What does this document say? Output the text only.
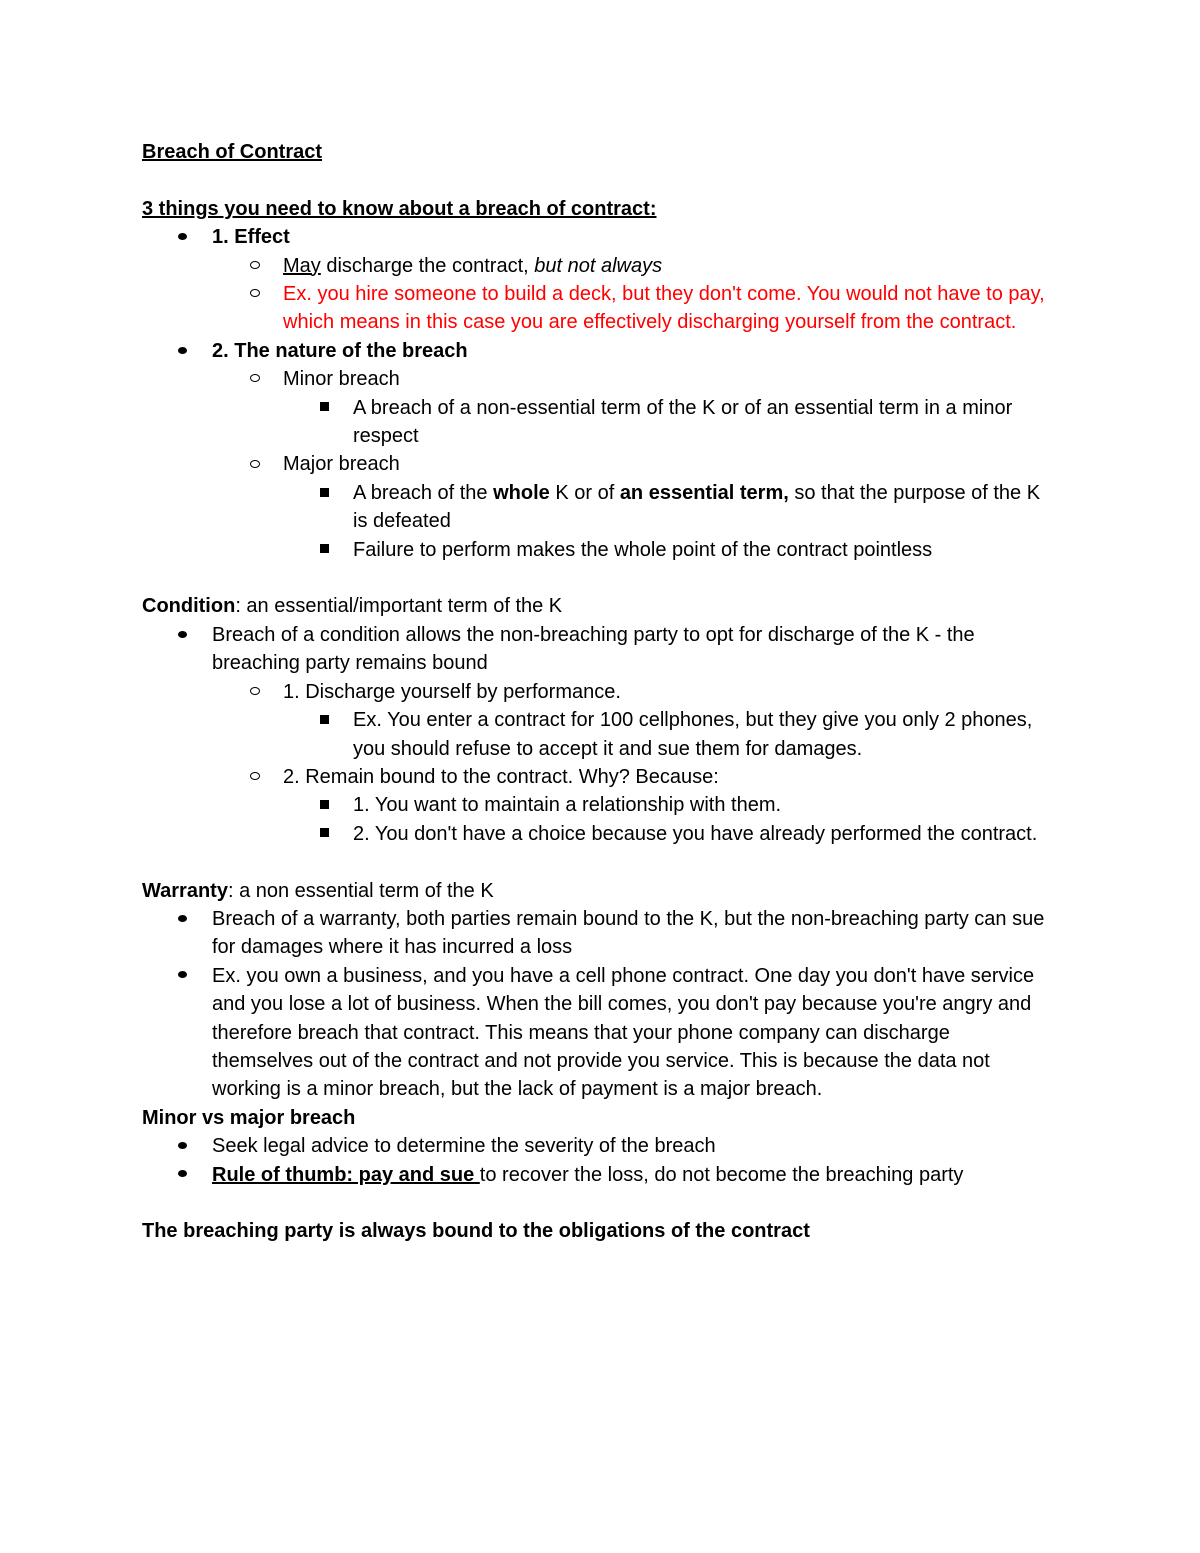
Breach of Contract

3 things you need to know about a breach of contract:

1. Effect
May discharge the contract, but not always
Ex. you hire someone to build a deck, but they don't come. You would not have to pay, which means in this case you are effectively discharging yourself from the contract.
2. The nature of the breach
Minor breach
A breach of a non-essential term of the K or of an essential term in a minor respect
Major breach
A breach of the whole K or of an essential term, so that the purpose of the K is defeated
Failure to perform makes the whole point of the contract pointless

Condition: an essential/important term of the K

Breach of a condition allows the non-breaching party to opt for discharge of the K - the breaching party remains bound
1. Discharge yourself by performance.
Ex. You enter a contract for 100 cellphones, but they give you only 2 phones, you should refuse to accept it and sue them for damages.
2. Remain bound to the contract. Why? Because:
1. You want to maintain a relationship with them.
2. You don't have a choice because you have already performed the contract.

Warranty: a non essential term of the K

Breach of a warranty, both parties remain bound to the K, but the non-breaching party can sue for damages where it has incurred a loss
Ex. you own a business, and you have a cell phone contract. One day you don't have service and you lose a lot of business. When the bill comes, you don't pay because you're angry and therefore breach that contract. This means that your phone company can discharge themselves out of the contract and not provide you service. This is because the data not working is a minor breach, but the lack of payment is a major breach.

Minor vs major breach

Seek legal advice to determine the severity of the breach
Rule of thumb: pay and sue to recover the loss, do not become the breaching party

The breaching party is always bound to the obligations of the contract
